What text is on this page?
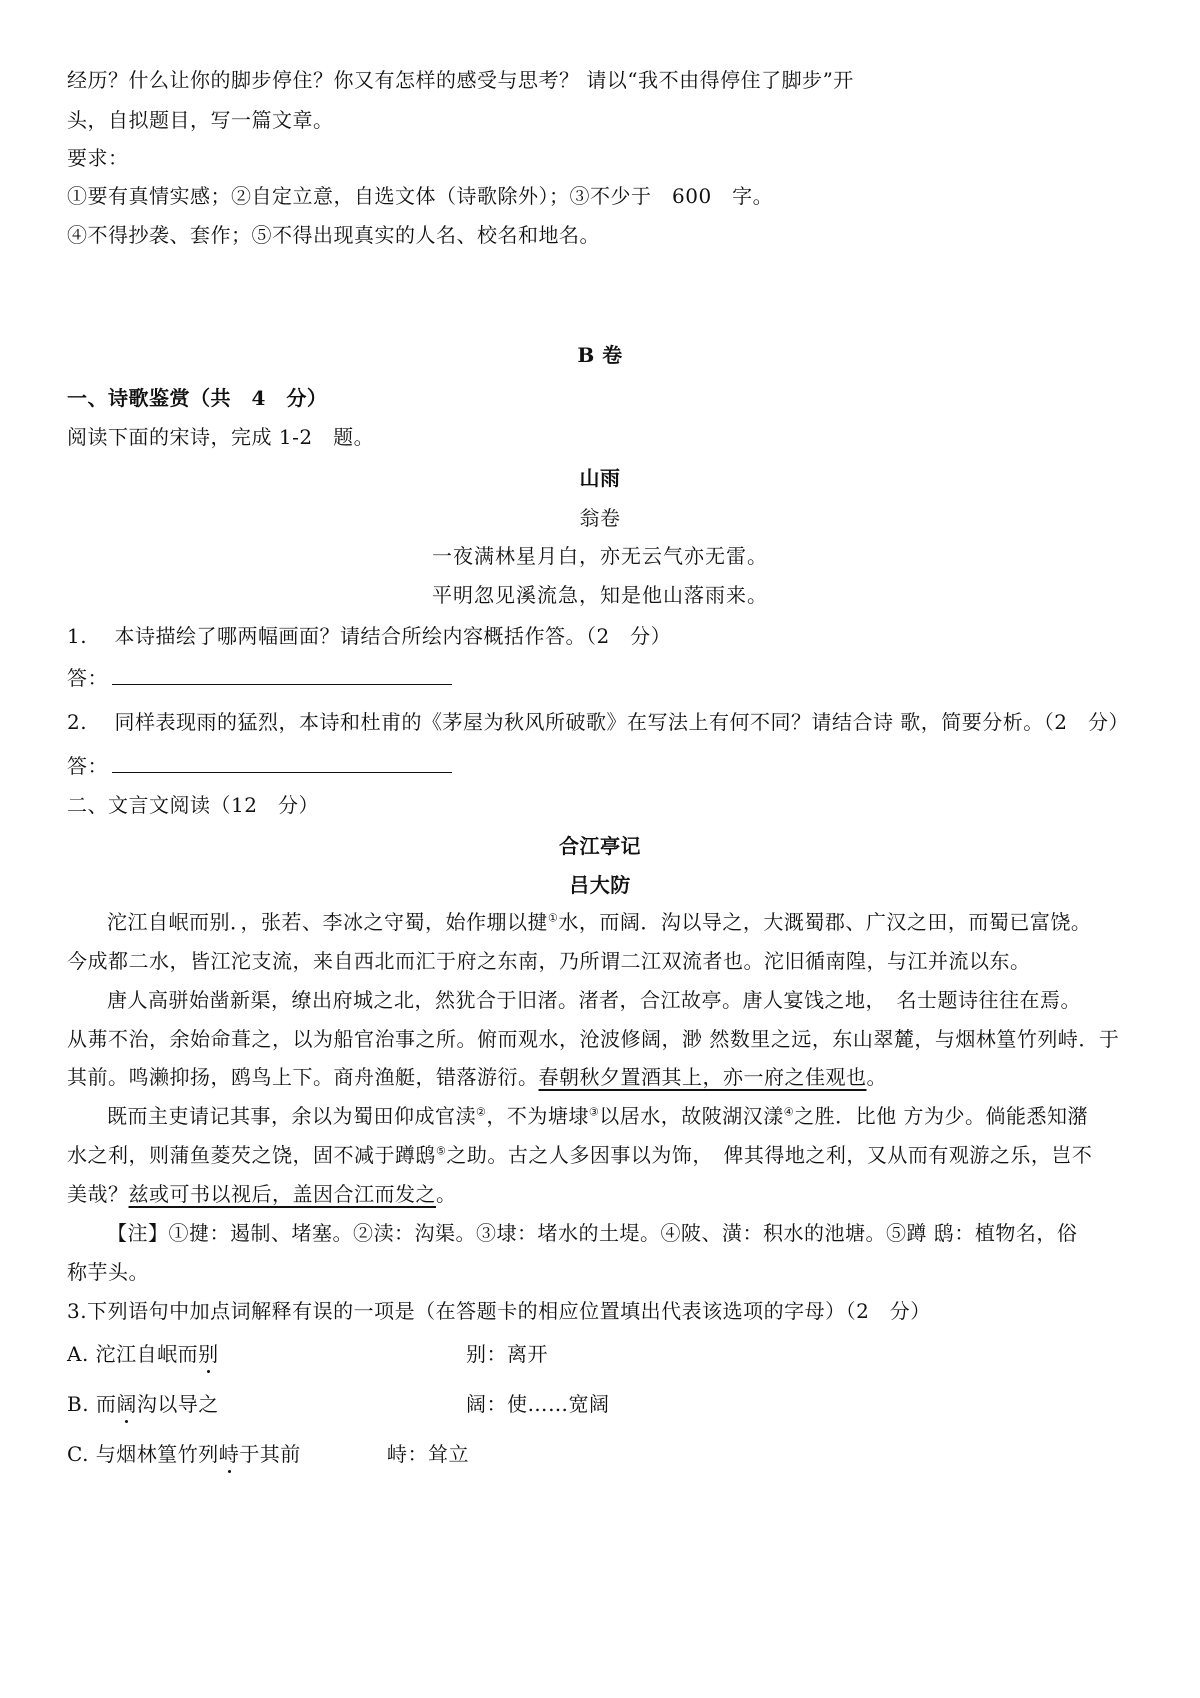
经历？什么让你的脚步停住？你又有怎样的感受与思考？ 请以“我不由得停住了脚步”开
头，自拟题目，写一篇文章。
要求：
①要有真情实感；②自定立意，自选文体（诗歌除外）；③不少于　600　字。
④不得抄袭、套作；⑤不得出现真实的人名、校名和地名。
B 卷
一、诗歌鉴赏（共　4　分）
阅读下面的宋诗，完成 1-2　题。
山雨
翁卷
一夜满林星月白，亦无云气亦无雷。
平明忽见溪流急，知是他山落雨来。
1.　 本诗描绘了哪两幅画面？请结合所绘内容概括作答。（2　分）
答：
2.　 同样表现雨的猛烈，本诗和杜甫的《茅屋为秋风所破歌》在写法上有何不同？请结合诗 歌，简要分析。（2　分）
答：
二、文言文阅读（12　分）
合江亭记
吕大防
沱江自岷而别．，张若、李冰之守蜀，始作堋以揵①水，而阔．沟以导之，大溉蜀郡、广汉之田，而蜀已富饶。
今成都二水，皆江沱支流，来自西北而汇于府之东南，乃所谓二江双流者也。沱旧循南隍，与江并流以东。
唐人高骈始凿新渠，缭出府城之北，然犹合于旧渚。渚者，合江故亭。唐人宴饯之地，　名士题诗往往在焉。
从茀不治，余始命葺之，以为船官治事之所。俯而观水，沧波修阔，渺 然数里之远，东山翠麓，与烟林篁竹列峙．于
其前。鸣濑抑扬，鸥鸟上下。商舟渔艇，错落游衍。春朝秋夕置酒其上，亦一府之佳观也。
既而主吏请记其事，余以为蜀田仰成官渎②，不为塘埭③以居水，故陂湖汉漾④之胜．比他 方为少。倘能悉知潴
水之利，则蒲鱼菱芡之饶，固不减于蹲鸱⑤之助。古之人多因事以为饰，　俾其得地之利，又从而有观游之乐，岂不
美哉？兹或可书以视后，盖因合江而发之。
【注】①揵：遏制、堵塞。②渎：沟渠。③埭：堵水的土堤。④陂、潢：积水的池塘。⑤蹲 鸱：植物名，俗
称芋头。
3.下列语句中加点词解释有误的一项是（在答题卡的相应位置填出代表该选项的字母）（2　分）
A. 沱江自岷而别	别：离开
B. 而阔沟以导之	阔：使……宽阔
C. 与烟林篁竹列峙于其前	峙：耸立
